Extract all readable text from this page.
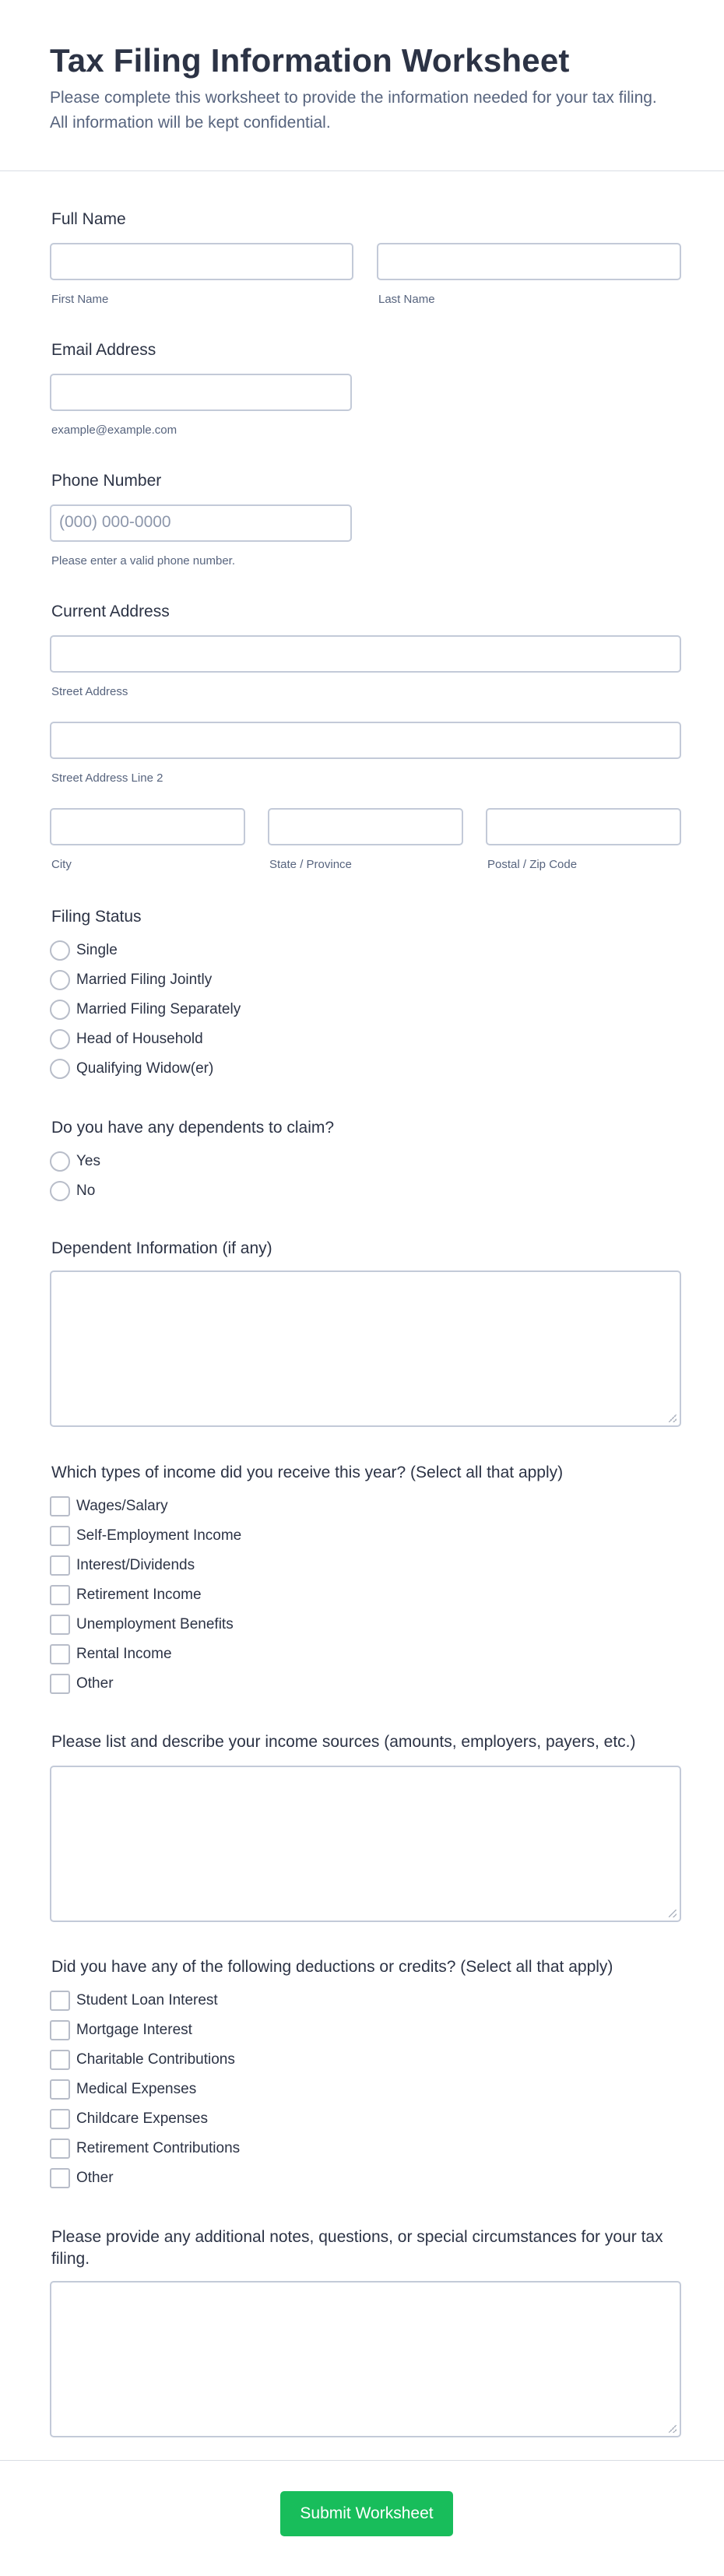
Tax Filing Information Worksheet
Please complete this worksheet to provide the information needed for your tax filing.
All information will be kept confidential.
Full Name
First Name	Last Name
Email Address
example@example.com
Phone Number
(000) 000-0000
Please enter a valid phone number.
Current Address
Street Address
Street Address Line 2
City	State / Province	Postal / Zip Code
Filing Status
Single
Married Filing Jointly
Married Filing Separately
Head of Household
Qualifying Widow(er)
Do you have any dependents to claim?
Yes
No
Dependent Information (if any)
Which types of income did you receive this year? (Select all that apply)
Wages/Salary
Self-Employment Income
Interest/Dividends
Retirement Income
Unemployment Benefits
Rental Income
Other
Please list and describe your income sources (amounts, employers, payers, etc.)
Did you have any of the following deductions or credits? (Select all that apply)
Student Loan Interest
Mortgage Interest
Charitable Contributions
Medical Expenses
Childcare Expenses
Retirement Contributions
Other
Please provide any additional notes, questions, or special circumstances for your tax
filing.
Submit Worksheet
